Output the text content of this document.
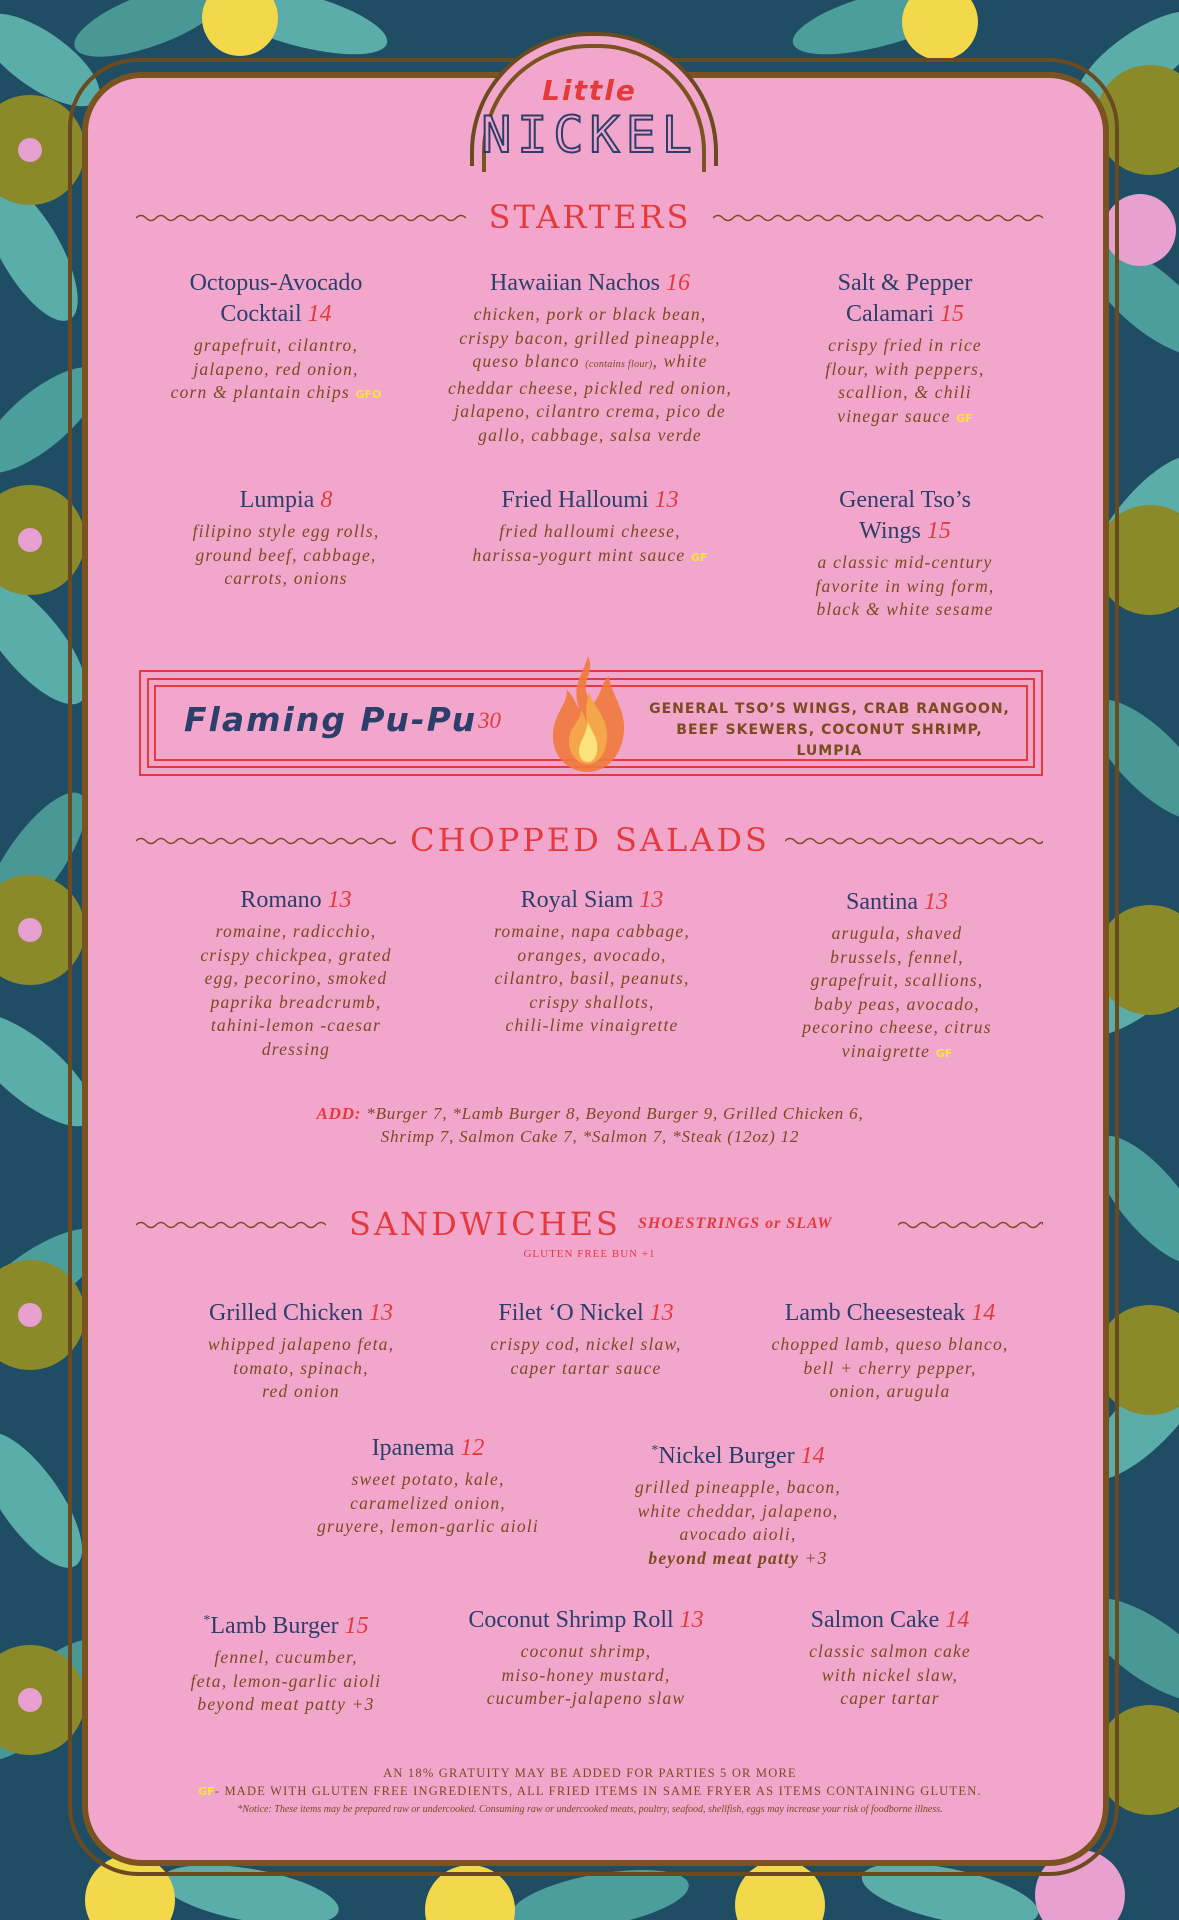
Little
NICKEL
STARTERS
Octopus-Avocado
Cocktail 14
grapefruit, cilantro,
jalapeno, red onion,
corn & plantain chips GFO
Hawaiian Nachos 16
chicken, pork or black bean,
crispy bacon, grilled pineapple,
queso blanco (contains flour), white
cheddar cheese, pickled red onion,
jalapeno, cilantro crema, pico de
gallo, cabbage, salsa verde
Salt & Pepper
Calamari 15
crispy fried in rice
flour, with peppers,
scallion, & chili
vinegar sauce GF
Lumpia 8
filipino style egg rolls,
ground beef, cabbage,
carrots, onions
Fried Halloumi 13
fried halloumi cheese,
harissa-yogurt mint sauce GF
General Tso’s
Wings 15
a classic mid-century
favorite in wing form,
black & white sesame
Flaming Pu-Pu 30	GENERAL TSO’S WINGS, CRAB RANGOON,
BEEF SKEWERS, COCONUT SHRIMP, LUMPIA
CHOPPED SALADS
Romano 13
romaine, radicchio,
crispy chickpea, grated
egg, pecorino, smoked
paprika breadcrumb,
tahini-lemon -caesar
dressing
Royal Siam 13
romaine, napa cabbage,
oranges, avocado,
cilantro, basil, peanuts,
crispy shallots,
chili-lime vinaigrette
Santina 13
arugula, shaved
brussels, fennel,
grapefruit, scallions,
baby peas, avocado,
pecorino cheese, citrus
vinaigrette GF
ADD: *Burger 7, *Lamb Burger 8, Beyond Burger 9, Grilled Chicken 6,
Shrimp 7, Salmon Cake 7, *Salmon 7, *Steak (12oz) 12
SANDWICHES	SHOESTRINGS or SLAW
GLUTEN FREE BUN +1
Grilled Chicken 13
whipped jalapeno feta,
tomato, spinach,
red onion
Filet ‘O Nickel 13
crispy cod, nickel slaw,
caper tartar sauce
Lamb Cheesesteak 14
chopped lamb, queso blanco,
bell + cherry pepper,
onion, arugula
Ipanema 12
sweet potato, kale,
caramelized onion,
gruyere, lemon-garlic aioli
*Nickel Burger 14
grilled pineapple, bacon,
white cheddar, jalapeno,
avocado aioli,
beyond meat patty +3
*Lamb Burger 15
fennel, cucumber,
feta, lemon-garlic aioli
beyond meat patty +3
Coconut Shrimp Roll 13
coconut shrimp,
miso-honey mustard,
cucumber-jalapeno slaw
Salmon Cake 14
classic salmon cake
with nickel slaw,
caper tartar
AN 18% GRATUITY MAY BE ADDED FOR PARTIES 5 OR MORE
GF- MADE WITH GLUTEN FREE INGREDIENTS, ALL FRIED ITEMS IN SAME FRYER AS ITEMS CONTAINING GLUTEN.
*Notice: These items may be prepared raw or undercooked. Consuming raw or undercooked meats, poultry, seafood, shellfish, eggs may increase your risk of foodborne illness.
